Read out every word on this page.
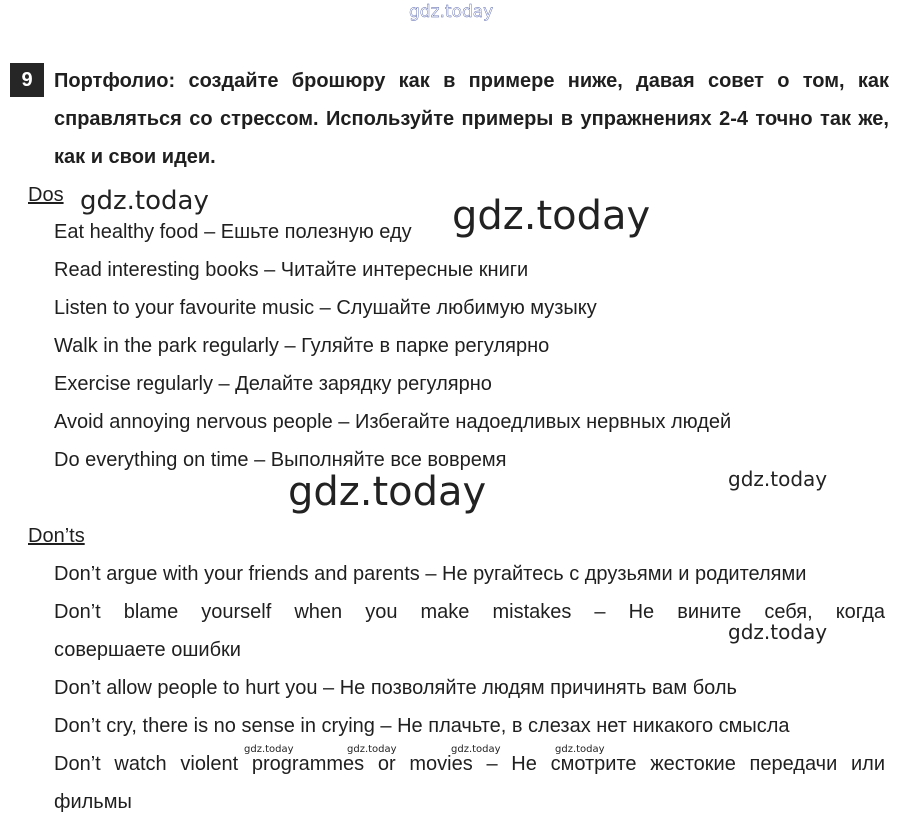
gdz.today
gdz.today	gdz.today
gdz.today	gdz.today
gdz.today
gdz.today	gdz.today	gdz.today	gdz.today
9	Портфолио: создайте брошюру как в примере ниже, давая совет о том, как справляться со стрессом. Используйте примеры в упражнениях 2-4 точно так же, как и свои идеи.
Dos
Eat healthy food – Ешьте полезную еду
Read interesting books – Читайте интересные книги
Listen to your favourite music – Слушайте любимую музыку
Walk in the park regularly – Гуляйте в парке регулярно
Exercise regularly – Делайте зарядку регулярно
Avoid annoying nervous people – Избегайте надоедливых нервных людей
Do everything on time – Выполняйте все вовремя
Don’ts
Don’t argue with your friends and parents – Не ругайтесь с друзьями и родителями
Don’t blame yourself when you make mistakes – Не вините себя, когда
совершаете ошибки
Don’t allow people to hurt you – Не позволяйте людям причинять вам боль
Don’t cry, there is no sense in crying – Не плачьте, в слезах нет никакого смысла
Don’t watch violent programmes or movies – Не смотрите жестокие передачи или
фильмы
